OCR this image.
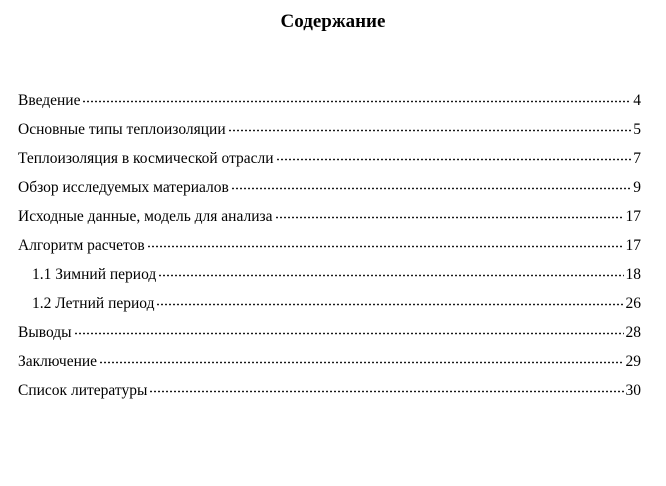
Содержание
Введение	4
Основные типы теплоизоляции	5
Теплоизоляция в космической отрасли	7
Обзор исследуемых материалов	9
Исходные данные, модель для анализа	17
Алгоритм расчетов	17
1.1 Зимний период	18
1.2 Летний период	26
Выводы	28
Заключение	29
Список литературы	30
